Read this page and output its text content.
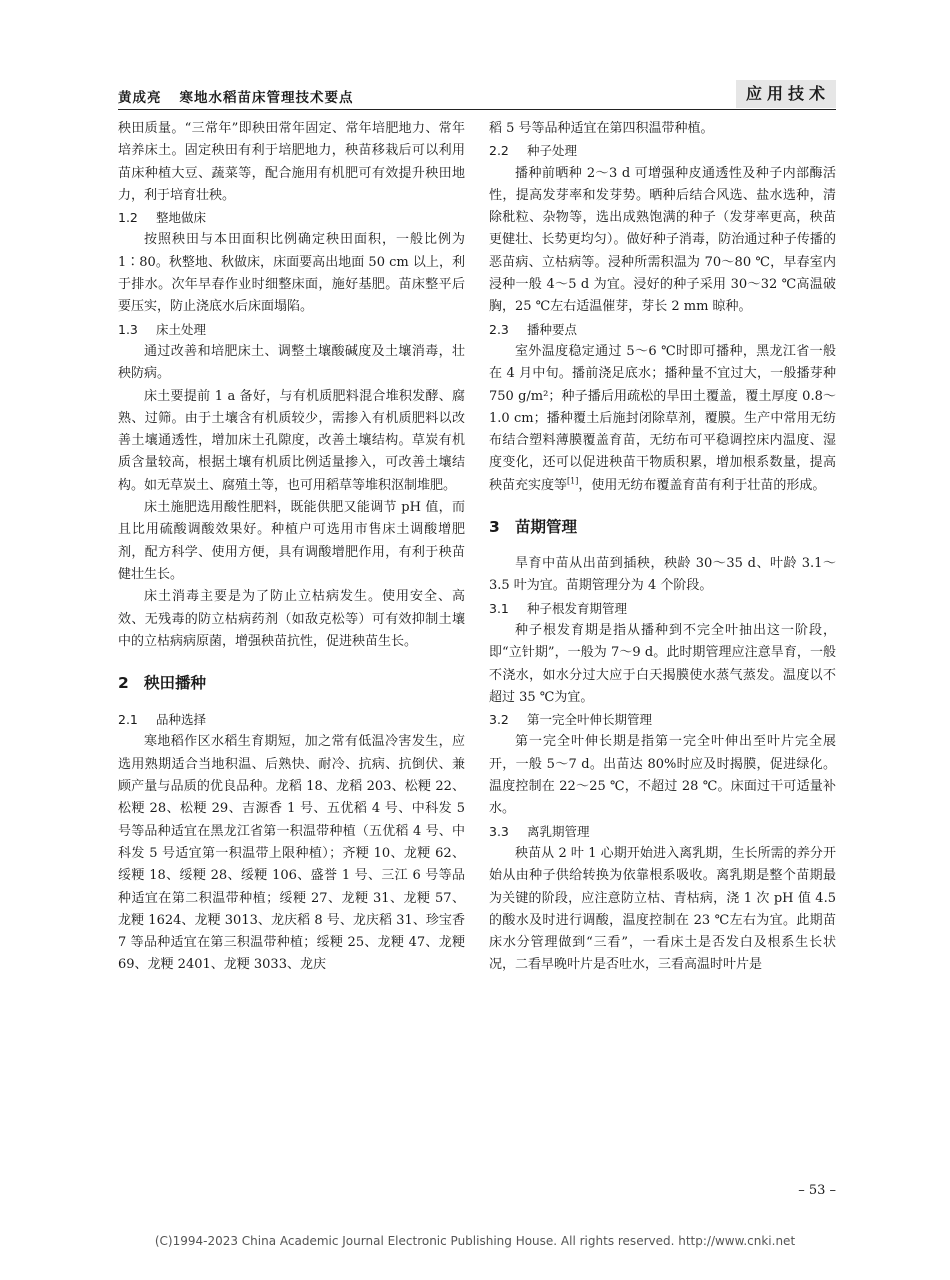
黄成亮 寒地水稻苗床管理技术要点	应用技术

秧田质量。“三常年”即秧田常年固定、常年培肥地力、常年培养床土。固定秧田有利于培肥地力，秧苗移栽后可以利用苗床种植大豆、蔬菜等，配合施用有机肥可有效提升秧田地力，利于培育壮秧。

1.2 整地做床

按照秧田与本田面积比例确定秧田面积，一般比例为 1∶80。秋整地、秋做床，床面要高出地面 50 cm 以上，利于排水。次年早春作业时细整床面，施好基肥。苗床整平后要压实，防止浇底水后床面塌陷。

1.3 床土处理

通过改善和培肥床土、调整土壤酸碱度及土壤消毒，壮秧防病。

床土要提前 1 a 备好，与有机质肥料混合堆积发酵、腐熟、过筛。由于土壤含有机质较少，需掺入有机质肥料以改善土壤通透性，增加床土孔隙度，改善土壤结构。草炭有机质含量较高，根据土壤有机质比例适量掺入，可改善土壤结构。如无草炭土、腐殖土等，也可用稻草等堆积沤制堆肥。

床土施肥选用酸性肥料，既能供肥又能调节 pH 值，而且比用硫酸调酸效果好。种植户可选用市售床土调酸增肥剂，配方科学、使用方便，具有调酸增肥作用，有利于秧苗健壮生长。

床土消毒主要是为了防止立枯病发生。使用安全、高效、无残毒的防立枯病药剂（如敌克松等）可有效抑制土壤中的立枯病病原菌，增强秧苗抗性，促进秧苗生长。

2 秧田播种
2.1 品种选择

寒地稻作区水稻生育期短，加之常有低温冷害发生，应选用熟期适合当地积温、后熟快、耐冷、抗病、抗倒伏、兼顾产量与品质的优良品种。龙稻 18、龙稻 203、松粳 22、松粳 28、松粳 29、吉源香 1 号、五优稻 4 号、中科发 5 号等品种适宜在黑龙江省第一积温带种植（五优稻 4 号、中科发 5 号适宜第一积温带上限种植）；齐粳 10、龙粳 62、绥粳 18、绥粳 28、绥粳 106、盛誉 1 号、三江 6 号等品种适宜在第二积温带种植；绥粳 27、龙粳 31、龙粳 57、龙粳 1624、龙粳 3013、龙庆稻 8 号、龙庆稻 31、珍宝香 7 等品种适宜在第三积温带种植；绥粳 25、龙粳 47、龙粳 69、龙粳 2401、龙粳 3033、龙庆

稻 5 号等品种适宜在第四积温带种植。

2.2 种子处理

播种前晒种 2～3 d 可增强种皮通透性及种子内部酶活性，提高发芽率和发芽势。晒种后结合风选、盐水选种，清除秕粒、杂物等，选出成熟饱满的种子（发芽率更高，秧苗更健壮、长势更均匀）。做好种子消毒，防治通过种子传播的恶苗病、立枯病等。浸种所需积温为 70～80 ℃，早春室内浸种一般 4～5 d 为宜。浸好的种子采用 30～32 ℃高温破胸，25 ℃左右适温催芽，芽长 2 mm 晾种。

2.3 播种要点

室外温度稳定通过 5～6 ℃时即可播种，黑龙江省一般在 4 月中旬。播前浇足底水；播种量不宜过大，一般播芽种 750 g/m²；种子播后用疏松的旱田土覆盖，覆土厚度 0.8～1.0 cm；播种覆土后施封闭除草剂，覆膜。生产中常用无纺布结合塑料薄膜覆盖育苗，无纺布可平稳调控床内温度、湿度变化，还可以促进秧苗干物质积累，增加根系数量，提高秧苗充实度等[1]，使用无纺布覆盖育苗有利于壮苗的形成。

3 苗期管理

旱育中苗从出苗到插秧，秧龄 30～35 d、叶龄 3.1～3.5 叶为宜。苗期管理分为 4 个阶段。

3.1 种子根发育期管理

种子根发育期是指从播种到不完全叶抽出这一阶段，即“立针期”，一般为 7～9 d。此时期管理应注意旱育，一般不浇水，如水分过大应于白天揭膜使水蒸气蒸发。温度以不超过 35 ℃为宜。

3.2 第一完全叶伸长期管理

第一完全叶伸长期是指第一完全叶伸出至叶片完全展开，一般 5～7 d。出苗达 80%时应及时揭膜，促进绿化。温度控制在 22～25 ℃，不超过 28 ℃。床面过干可适量补水。

3.3 离乳期管理

秧苗从 2 叶 1 心期开始进入离乳期，生长所需的养分开始从由种子供给转换为依靠根系吸收。离乳期是整个苗期最为关键的阶段，应注意防立枯、青枯病，浇 1 次 pH 值 4.5 的酸水及时进行调酸，温度控制在 23 ℃左右为宜。此期苗床水分管理做到“三看”，一看床土是否发白及根系生长状况，二看早晚叶片是否吐水，三看高温时叶片是

– 53 –
(C)1994-2023 China Academic Journal Electronic Publishing House. All rights reserved. http://www.cnki.net
